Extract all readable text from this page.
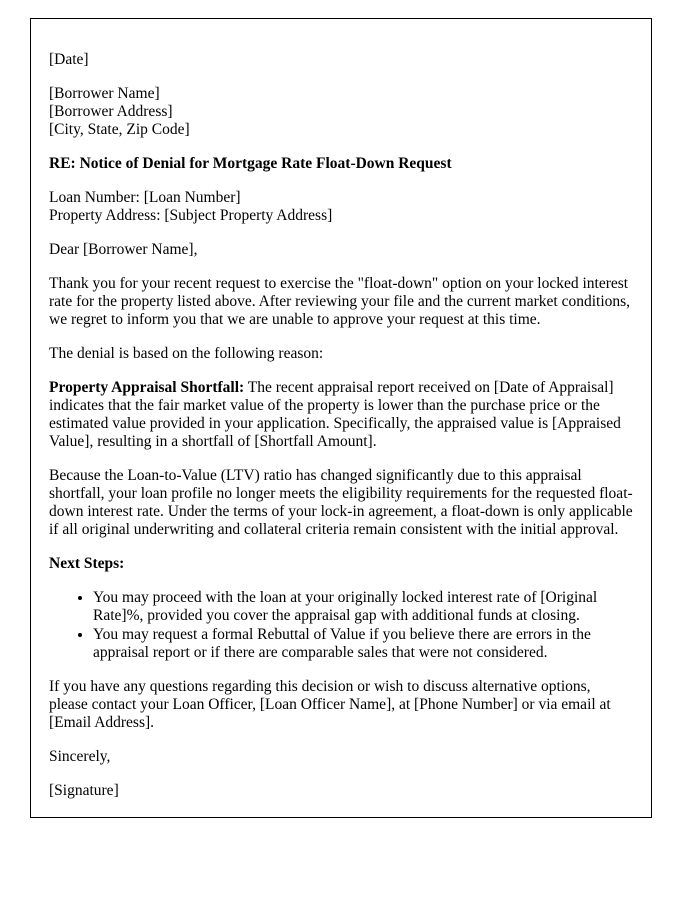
[Date]

[Borrower Name]

[Borrower Address]

[City, State, Zip Code]

RE: Notice of Denial for Mortgage Rate Float-Down Request

Loan Number: [Loan Number]

Property Address: [Subject Property Address]

Dear [Borrower Name],

Thank you for your recent request to exercise the "float-down" option on your locked interest rate for the property listed above. After reviewing your file and the current market conditions, we regret to inform you that we are unable to approve your request at this time.

The denial is based on the following reason:

Property Appraisal Shortfall: The recent appraisal report received on [Date of Appraisal] indicates that the fair market value of the property is lower than the purchase price or the estimated value provided in your application. Specifically, the appraised value is [Appraised Value], resulting in a shortfall of [Shortfall Amount].

Because the Loan-to-Value (LTV) ratio has changed significantly due to this appraisal shortfall, your loan profile no longer meets the eligibility requirements for the requested float-down interest rate. Under the terms of your lock-in agreement, a float-down is only applicable if all original underwriting and collateral criteria remain consistent with the initial approval.

Next Steps:

• You may proceed with the loan at your originally locked interest rate of [Original Rate]%, provided you cover the appraisal gap with additional funds at closing.
• You may request a formal Rebuttal of Value if you believe there are errors in the appraisal report or if there are comparable sales that were not considered.

If you have any questions regarding this decision or wish to discuss alternative options, please contact your Loan Officer, [Loan Officer Name], at [Phone Number] or via email at [Email Address].

Sincerely,

[Signature]
